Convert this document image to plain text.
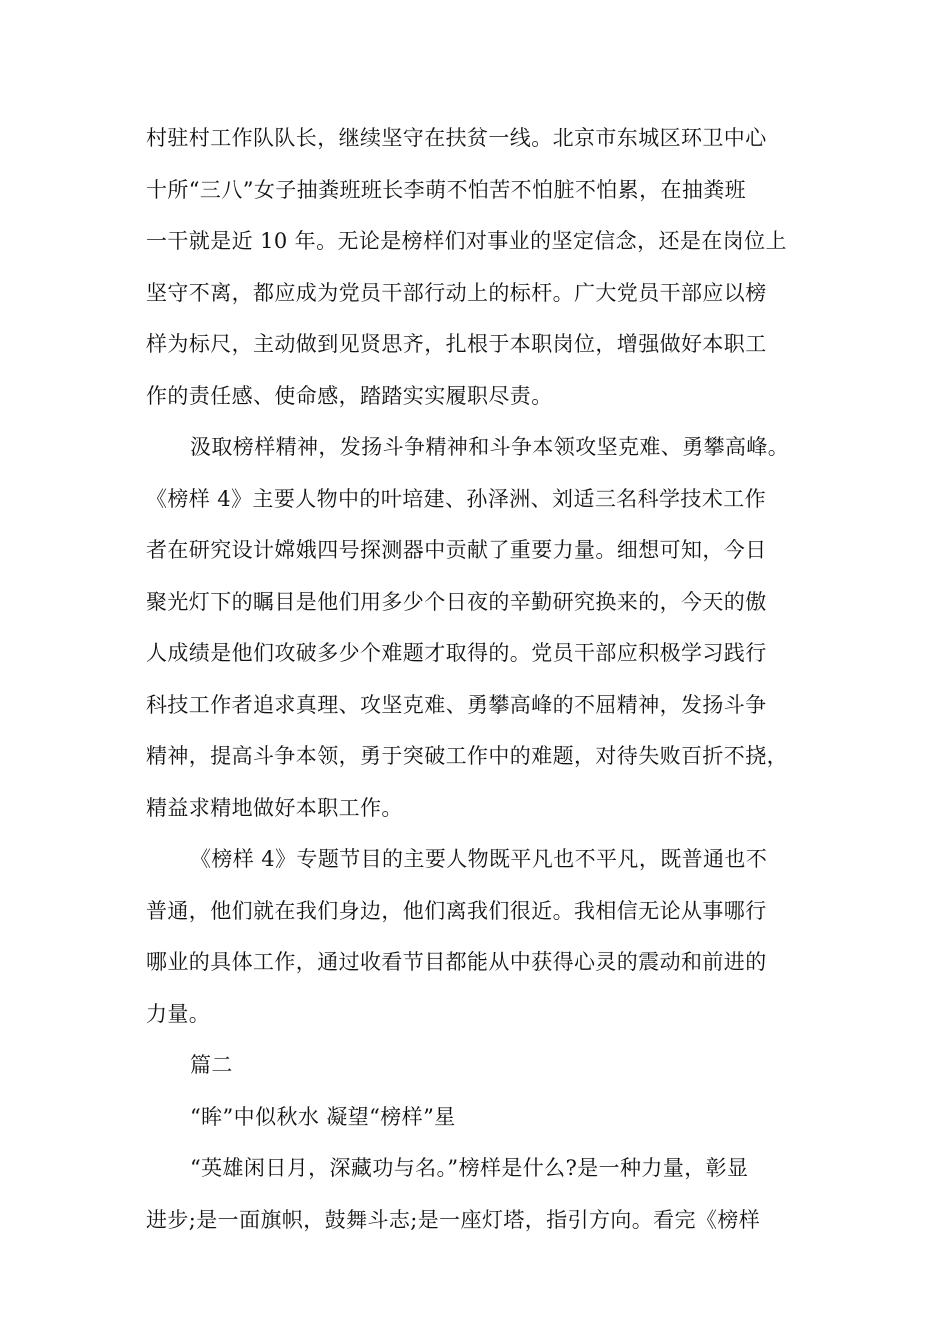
村驻村工作队队长，继续坚守在扶贫一线。北京市东城区环卫中心
十所“三八”女子抽粪班班长李萌不怕苦不怕脏不怕累，在抽粪班
一干就是近 10 年。无论是榜样们对事业的坚定信念，还是在岗位上
坚守不离，都应成为党员干部行动上的标杆。广大党员干部应以榜
样为标尺，主动做到见贤思齐，扎根于本职岗位，增强做好本职工
作的责任感、使命感，踏踏实实履职尽责。
汲取榜样精神，发扬斗争精神和斗争本领攻坚克难、勇攀高峰。
《榜样 4》主要人物中的叶培建、孙泽洲、刘适三名科学技术工作
者在研究设计嫦娥四号探测器中贡献了重要力量。细想可知，今日
聚光灯下的瞩目是他们用多少个日夜的辛勤研究换来的，今天的傲
人成绩是他们攻破多少个难题才取得的。党员干部应积极学习践行
科技工作者追求真理、攻坚克难、勇攀高峰的不屈精神，发扬斗争
精神，提高斗争本领，勇于突破工作中的难题，对待失败百折不挠，
精益求精地做好本职工作。
《榜样 4》专题节目的主要人物既平凡也不平凡，既普通也不
普通，他们就在我们身边，他们离我们很近。我相信无论从事哪行
哪业的具体工作，通过收看节目都能从中获得心灵的震动和前进的
力量。
篇二
“眸”中似秋水 凝望“榜样”星
“英雄闲日月，深藏功与名。”榜样是什么?是一种力量，彰显
进步;是一面旗帜，鼓舞斗志;是一座灯塔，指引方向。看完《榜样
